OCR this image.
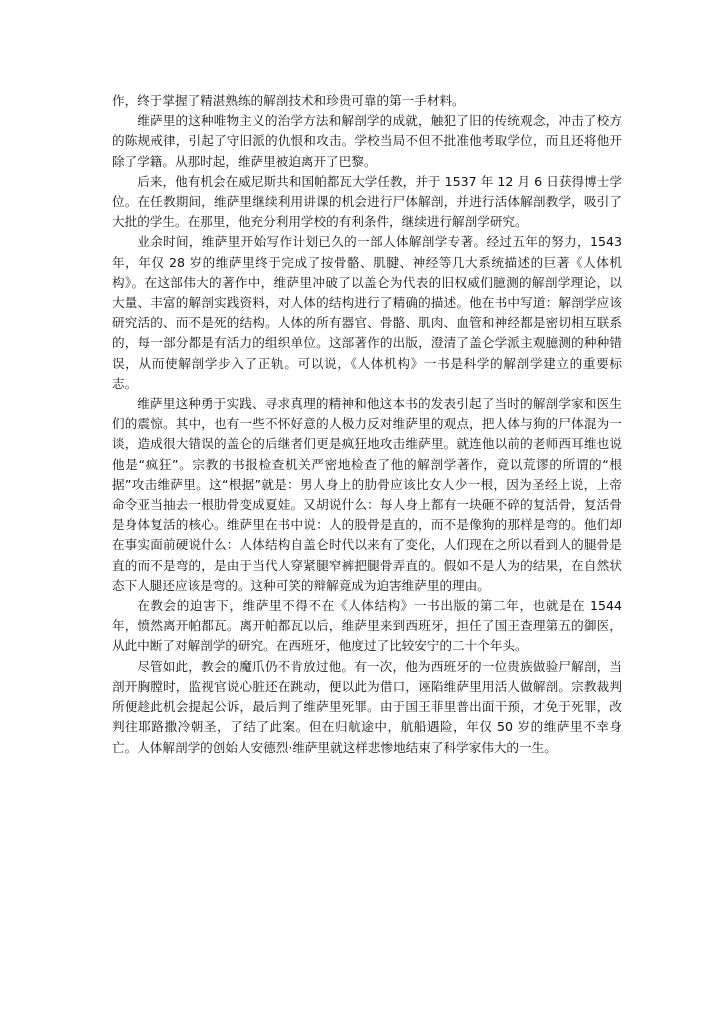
作，终于掌握了精湛熟练的解剖技术和珍贵可靠的第一手材料。

维萨里的这种唯物主义的治学方法和解剖学的成就，触犯了旧的传统观念，冲击了校方的陈规戒律，引起了守旧派的仇恨和攻击。学校当局不但不批准他考取学位，而且还将他开除了学籍。从那时起，维萨里被迫离开了巴黎。

后来，他有机会在威尼斯共和国帕都瓦大学任教，并于 1537 年 12 月 6 日获得博士学位。在任教期间，维萨里继续利用讲课的机会进行尸体解剖，并进行活体解剖教学，吸引了大批的学生。在那里，他充分利用学校的有利条件，继续进行解剖学研究。

业余时间，维萨里开始写作计划已久的一部人体解剖学专著。经过五年的努力，1543 年，年仅 28 岁的维萨里终于完成了按骨骼、肌腱、神经等几大系统描述的巨著《人体机构》。在这部伟大的著作中，维萨里冲破了以盖仑为代表的旧权威们臆测的解剖学理论，以大量、丰富的解剖实践资料，对人体的结构进行了精确的描述。他在书中写道：解剖学应该研究活的、而不是死的结构。人体的所有器官、骨骼、肌肉、血管和神经都是密切相互联系的，每一部分都是有活力的组织单位。这部著作的出版，澄清了盖仑学派主观臆测的种种错误，从而使解剖学步入了正轨。可以说，《人体机构》一书是科学的解剖学建立的重要标志。

维萨里这种勇于实践、寻求真理的精神和他这本书的发表引起了当时的解剖学家和医生们的震惊。其中，也有一些不怀好意的人极力反对维萨里的观点，把人体与狗的尸体混为一谈，造成很大错误的盖仑的后继者们更是疯狂地攻击维萨里。就连他以前的老师西耳维也说他是“疯狂”。宗教的书报检查机关严密地检查了他的解剖学著作，竟以荒谬的所谓的“根据”攻击维萨里。这“根据”就是：男人身上的肋骨应该比女人少一根，因为圣经上说，上帝命令亚当抽去一根肋骨变成夏娃。又胡说什么：每人身上都有一块砸不碎的复活骨，复活骨是身体复活的核心。维萨里在书中说：人的股骨是直的，而不是像狗的那样是弯的。他们却在事实面前硬说什么：人体结构自盖仑时代以来有了变化，人们现在之所以看到人的腿骨是直的而不是弯的，是由于当代人穿紧腿窄裤把腿骨弄直的。假如不是人为的结果，在自然状态下人腿还应该是弯的。这种可笑的辩解竟成为迫害维萨里的理由。

在教会的迫害下，维萨里不得不在《人体结构》一书出版的第二年，也就是在 1544 年，愤然离开帕都瓦。离开帕都瓦以后，维萨里来到西班牙，担任了国王查理第五的御医，从此中断了对解剖学的研究。在西班牙，他度过了比较安宁的二十个年头。

尽管如此，教会的魔爪仍不肯放过他。有一次，他为西班牙的一位贵族做验尸解剖，当剖开胸膛时，监视官说心脏还在跳动，便以此为借口，诬陷维萨里用活人做解剖。宗教裁判所便趁此机会提起公诉，最后判了维萨里死罪。由于国王菲里普出面干预，才免于死罪，改判往耶路撒冷朝圣，了结了此案。但在归航途中，航船遇险，年仅 50 岁的维萨里不幸身亡。人体解剖学的创始人安德烈·维萨里就这样悲惨地结束了科学家伟大的一生。
